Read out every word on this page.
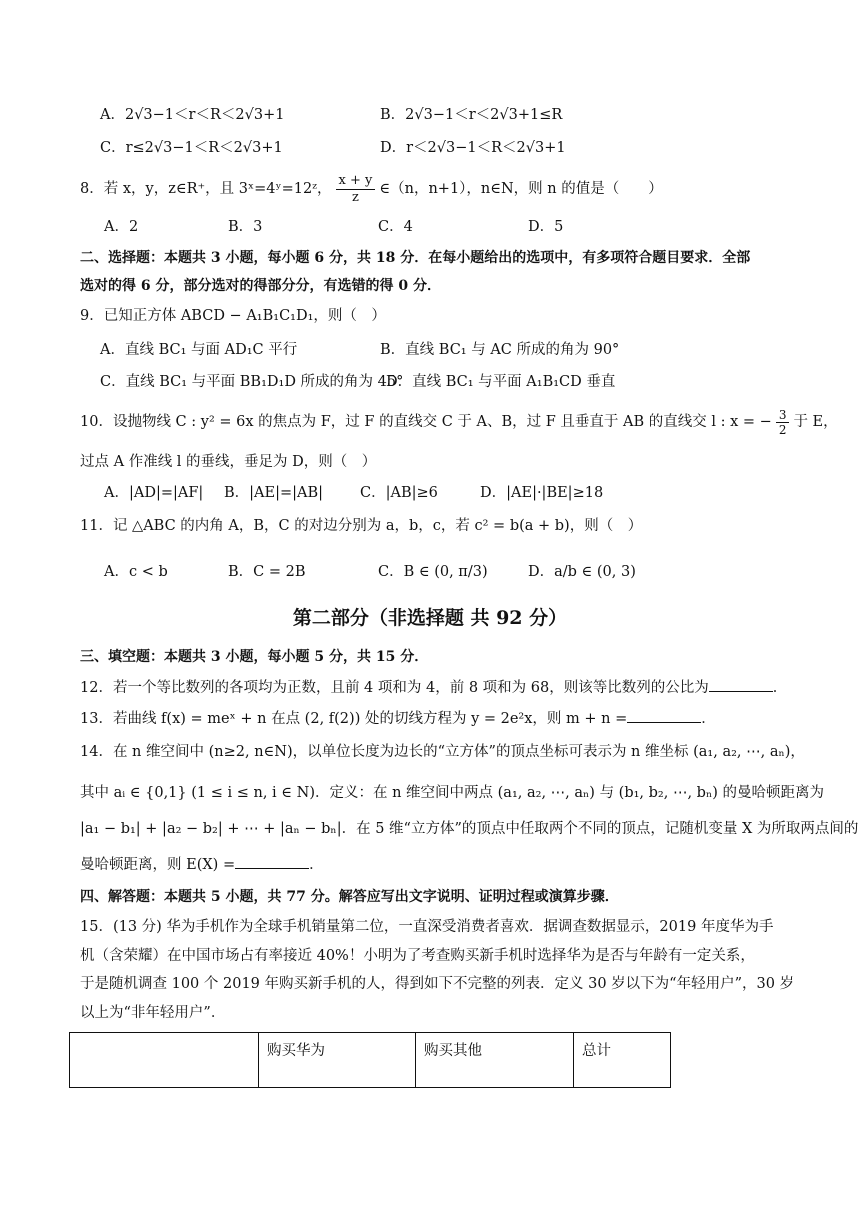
A．2√3−1＜r＜R＜2√3+1	B．2√3−1＜r＜2√3+1≤R
C．r≤2√3−1＜R＜2√3+1	D．r＜2√3−1＜R＜2√3+1
8．若 x，y，z∈R⁺，且 3ˣ=4ʸ=12ᶻ， $\frac{x + y}{z}$ ∈（n，n+1），n∈N，则 n 的值是（　　）
A．2	B．3	C．4	D．5
二、选择题：本题共 3 小题，每小题 6 分，共 18 分．在每小题给出的选项中，有多项符合题目要求．全部
选对的得 6 分，部分选对的得部分分，有选错的得 0 分．
9．已知正方体 ABCD − A₁B₁C₁D₁，则（　）
A．直线 BC₁ 与面 AD₁C 平行	B．直线 BC₁ 与 AC 所成的角为 90°
C．直线 BC₁ 与平面 BB₁D₁D 所成的角为 45°
D．直线 BC₁ 与平面 A₁B₁CD 垂直
10．设抛物线 C : y² = 6x 的焦点为 F，过 F 的直线交 C 于 A、B，过 F 且垂直于 AB 的直线交 l : x = − $\frac{3}{2}$ 于 E，
过点 A 作准线 l 的垂线，垂足为 D，则（　）
A．|AD|=|AF| B．|AE|=|AB|	C．|AB|≥6	D．|AE|·|BE|≥18
11．记 △ABC 的内角 A，B，C 的对边分别为 a，b，c，若 c² = b(a + b)，则（　）
A．c < b	B．C = 2B	C．B ∈ (0, π/3)	D．a/b ∈ (0, 3)
第二部分（非选择题 共 92 分）
三、填空题：本题共 3 小题，每小题 5 分，共 15 分．
12．若一个等比数列的各项均为正数，且前 4 项和为 4，前 8 项和为 68，则该等比数列的公比为	．
13．若曲线 f(x) = meˣ + n 在点 (2, f(2)) 处的切线方程为 y = 2e²x，则 m + n =	．
14．在 n 维空间中 (n≥2, n∈N)，以单位长度为边长的“立方体”的顶点坐标可表示为 n 维坐标 (a₁, a₂, ⋯, aₙ)，
其中 aᵢ ∈ {0,1} (1 ≤ i ≤ n, i ∈ N)．定义：在 n 维空间中两点 (a₁, a₂, ⋯, aₙ) 与 (b₁, b₂, ⋯, bₙ) 的曼哈顿距离为
|a₁ − b₁| + |a₂ − b₂| + ⋯ + |aₙ − bₙ|．在 5 维“立方体”的顶点中任取两个不同的顶点，记随机变量 X 为所取两点间的
曼哈顿距离，则 E(X) =	．
四、解答题：本题共 5 小题，共 77 分。解答应写出文字说明、证明过程或演算步骤．
15．(13 分) 华为手机作为全球手机销量第二位，一直深受消费者喜欢．据调查数据显示，2019 年度华为手
机（含荣耀）在中国市场占有率接近 40%！小明为了考查购买新手机时选择华为是否与年龄有一定关系，
于是随机调查 100 个 2019 年购买新手机的人，得到如下不完整的列表．定义 30 岁以下为“年轻用户”，30 岁
以上为“非年轻用户”．
	购买华为	购买其他	总计
